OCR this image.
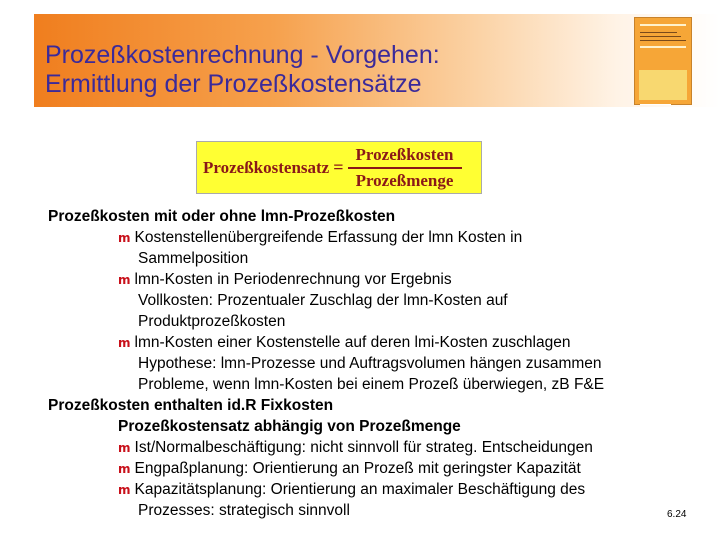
Prozeßkostenrechnung - Vorgehen:
Ermittlung der Prozeßkostensätze
Prozeßkostensatz = $\frac{\text{Prozeßkosten}}{\text{Prozeßmenge}}$
Prozeßkosten mit oder ohne lmn-Prozeßkosten
m Kostenstellenübergreifende Erfassung der lmn Kosten in
Sammelposition
m lmn-Kosten in Periodenrechnung vor Ergebnis
Vollkosten: Prozentualer Zuschlag der lmn-Kosten auf
Produktprozeßkosten
m lmn-Kosten einer Kostenstelle auf deren lmi-Kosten zuschlagen
Hypothese: lmn-Prozesse und Auftragsvolumen hängen zusammen
Probleme, wenn lmn-Kosten bei einem Prozeß überwiegen, zB F&E
Prozeßkosten enthalten id.R Fixkosten
Prozeßkostensatz abhängig von Prozeßmenge
m Ist/Normalbeschäftigung: nicht sinnvoll für strateg. Entscheidungen
m Engpaßplanung: Orientierung an Prozeß mit geringster Kapazität
m Kapazitätsplanung: Orientierung an maximaler Beschäftigung des
Prozesses: strategisch sinnvoll	6.24
